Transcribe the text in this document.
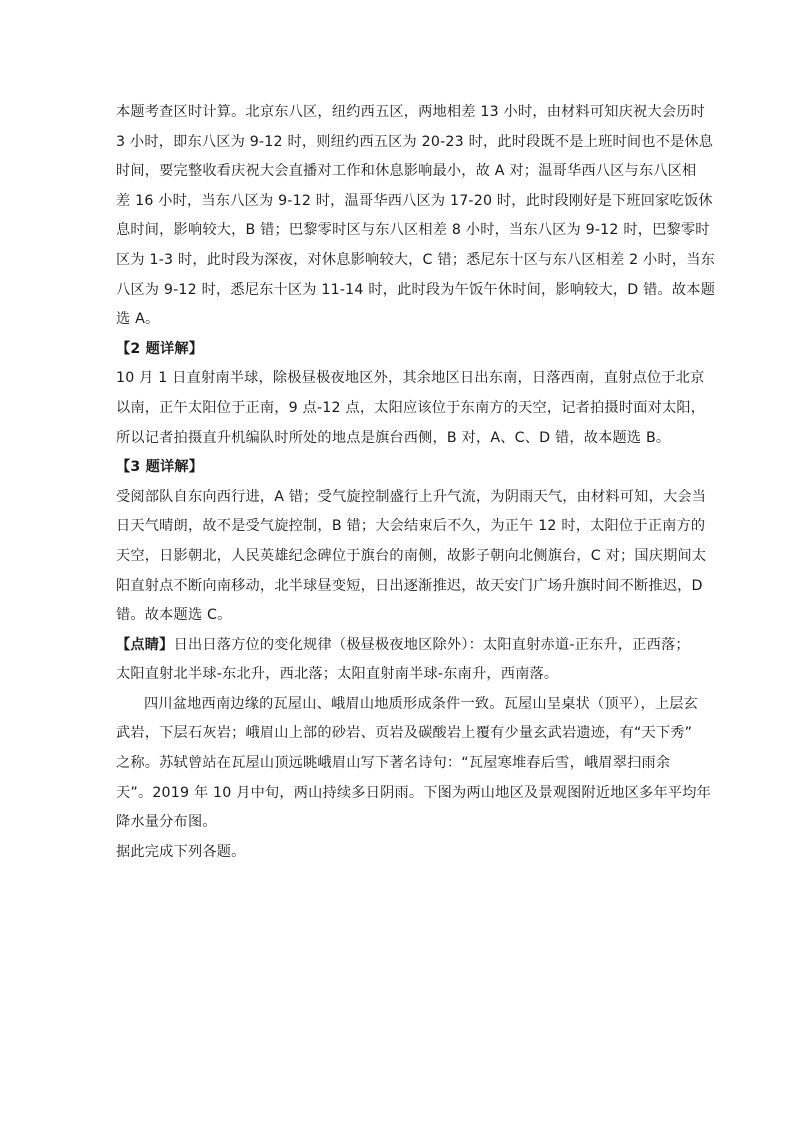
本题考查区时计算。北京东八区，纽约西五区，两地相差 13 小时，由材料可知庆祝大会历时
3 小时，即东八区为 9-12 时，则纽约西五区为 20-23 时，此时段既不是上班时间也不是休息
时间，要完整收看庆祝大会直播对工作和休息影响最小，故 A 对；温哥华西八区与东八区相
差 16 小时，当东八区为 9-12 时，温哥华西八区为 17-20 时，此时段刚好是下班回家吃饭休
息时间，影响较大，B 错；巴黎零时区与东八区相差 8 小时，当东八区为 9-12 时，巴黎零时
区为 1-3 时，此时段为深夜，对休息影响较大，C 错；悉尼东十区与东八区相差 2 小时，当东
八区为 9-12 时，悉尼东十区为 11-14 时，此时段为午饭午休时间，影响较大，D 错。故本题
选 A。
【2 题详解】
10 月 1 日直射南半球，除极昼极夜地区外，其余地区日出东南，日落西南，直射点位于北京
以南，正午太阳位于正南，9 点-12 点，太阳应该位于东南方的天空，记者拍摄时面对太阳，
所以记者拍摄直升机编队时所处的地点是旗台西侧，B 对，A、C、D 错，故本题选 B。
【3 题详解】
受阅部队自东向西行进，A 错；受气旋控制盛行上升气流，为阴雨天气，由材料可知，大会当
日天气晴朗，故不是受气旋控制，B 错；大会结束后不久，为正午 12 时，太阳位于正南方的
天空，日影朝北，人民英雄纪念碑位于旗台的南侧，故影子朝向北侧旗台，C 对；国庆期间太
阳直射点不断向南移动，北半球昼变短，日出逐渐推迟，故天安门广场升旗时间不断推迟，D
错。故本题选 C。
【点睛】日出日落方位的变化规律（极昼极夜地区除外）：太阳直射赤道-正东升，正西落；
太阳直射北半球-东北升，西北落；太阳直射南半球-东南升，西南落。
四川盆地西南边缘的瓦屋山、峨眉山地质形成条件一致。瓦屋山呈桌状（顶平），上层玄
武岩，下层石灰岩；峨眉山上部的砂岩、页岩及碳酸岩上覆有少量玄武岩遗迹，有“天下秀”
之称。苏轼曾站在瓦屋山顶远眺峨眉山写下著名诗句：“瓦屋寒堆春后雪，峨眉翠扫雨余
天”。2019 年 10 月中旬，两山持续多日阴雨。下图为两山地区及景观图附近地区多年平均年
降水量分布图。
据此完成下列各题。
